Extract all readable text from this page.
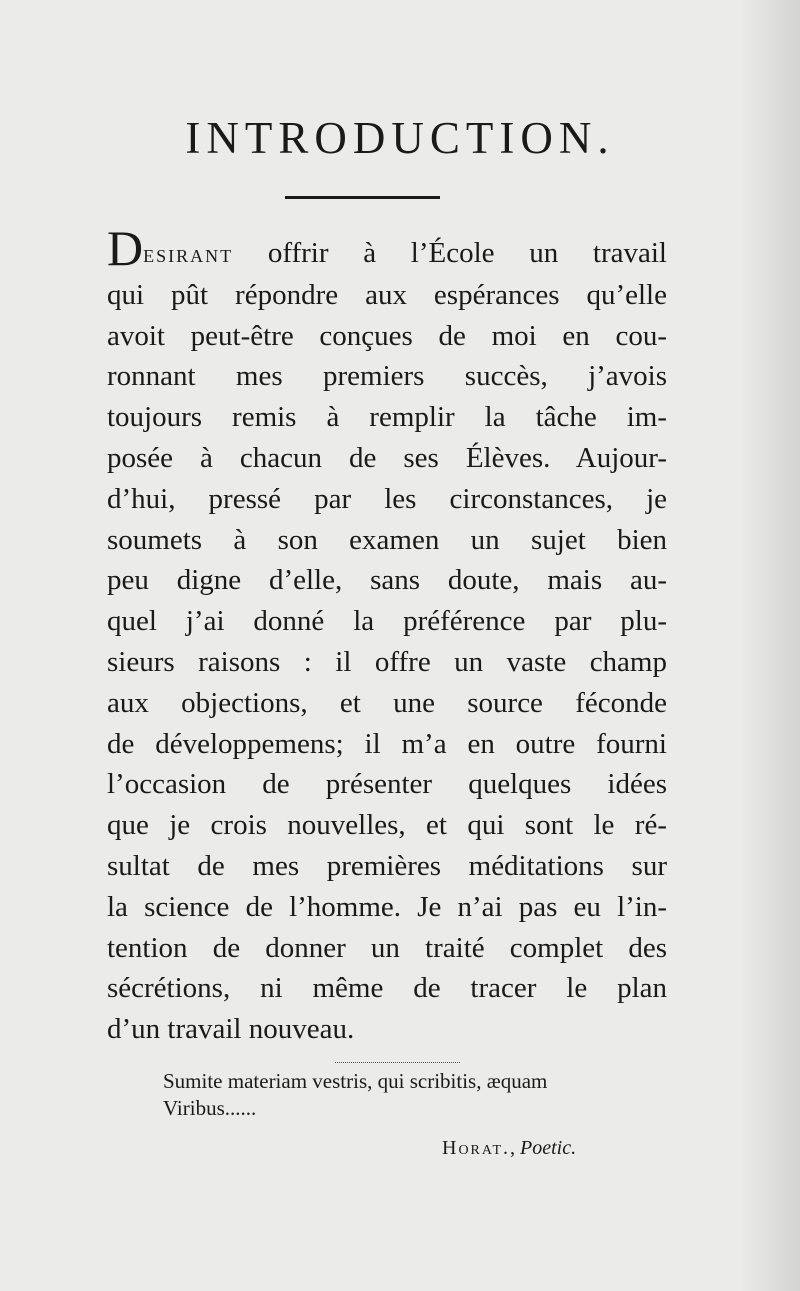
INTRODUCTION.
Desirant offrir à l’École un travail
qui pût répondre aux espérances qu’elle
avoit peut-être conçues de moi en cou-
ronnant mes premiers succès, j’avois
toujours remis à remplir la tâche im-
posée à chacun de ses Élèves. Aujour-
d’hui, pressé par les circonstances, je
soumets à son examen un sujet bien
peu digne d’elle, sans doute, mais au-
quel j’ai donné la préférence par plu-
sieurs raisons : il offre un vaste champ
aux objections, et une source féconde
de développemens; il m’a en outre fourni
l’occasion de présenter quelques idées
que je crois nouvelles, et qui sont le ré-
sultat de mes premières méditations sur
la science de l’homme. Je n’ai pas eu l’in-
tention de donner un traité complet des
sécrétions, ni même de tracer le plan
d’un travail nouveau.
Sumite materiam vestris, qui scribitis, æquam
Viribus......
Horat., Poetic.
